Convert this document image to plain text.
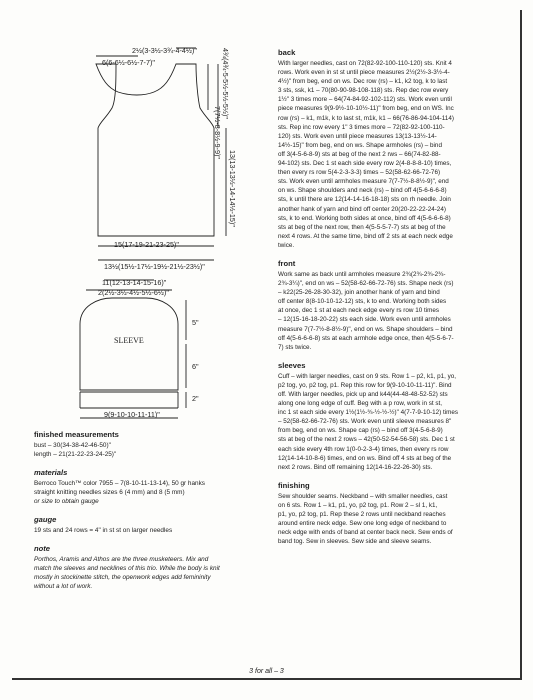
6(6-6½-6½-7-7)"
2½(3-3½-3¾-4-4½)"	4¾(4¾-5-5½-5½-5½)"
7(7½-8-8½-9-9)"
13(13-13½-14-14½-15)"
15(17-19-21-23-25)"
13½(15½-17½-19½-21½-23½)"
11(12-13-14-15-16)"
2(2½-3½-4½-5½-6½)"
SLEEVE
5"
6"
2"
9(9-10-10-11-11)"
finished measurements

bust – 30(34-38-42-46-50)"

length – 21(21-22-23-24-25)"

materials

Berroco Touch™ color 7955 – 7(8-10-11-13-14), 50 gr hanks

straight knitting needles sizes 6 (4 mm) and 8 (5 mm)

or size to obtain gauge

gauge

19 sts and 24 rows = 4" in st st on larger needles

note

Porthos, Aramis and Athos are the three musketeers. Mix and

match the sleeves and necklines of this trio. While the body is knit

mostly in stockinette stitch, the openwork edges add femininity

without a lot of work.

back

With larger needles, cast on 72(82-92-100-110-120) sts. Knit 4

rows. Work even in st st until piece measures 2½(2½-3-3½-4-

4½)" from beg, end on ws. Dec row (rs) – k1, k2 tog, k to last

3 sts, ssk, k1 – 70(80-90-98-108-118) sts. Rep dec row every

1½" 3 times more – 64(74-84-92-102-112) sts. Work even until

piece measures 9(9-9½-10-10½-11)" from beg, end on WS. Inc

row (rs) – k1, m1k, k to last st, m1k, k1 – 66(76-86-94-104-114)

sts. Rep inc row every 1" 3 times more – 72(82-92-100-110-

120) sts. Work even until piece measures 13(13-13½-14-

14½-15)" from beg, end on ws. Shape armholes (rs) – bind

off 3(4-5-6-8-9) sts at beg of the next 2 rws – 66(74-82-88-

94-102) sts. Dec 1 st each side every row 2(4-8-8-8-10) times,

then every rs row 5(4-2-3-3-3) times – 52(58-62-66-72-76)

sts. Work even until armholes measure 7(7-7½-8-8½-9)", end

on ws. Shape shoulders and neck (rs) – bind off 4(5-6-6-6-8)

sts, k until there are 12(14-14-16-18-18) sts on rh needle. Join

another hank of yarn and bind off center 20(20-22-22-24-24)

sts, k to end. Working both sides at once, bind off 4(5-6-6-6-8)

sts at beg of the next row, then 4(5-5-5-7-7) sts at beg of the

next 4 rows. At the same time, bind off 2 sts at each neck edge

twice.

front

Work same as back until armholes measure 2¾(2¾-2¾-2¾-

2¾-3¼)", end on ws – 52(58-62-66-72-76) sts. Shape neck (rs)

– k22(25-26-28-30-32), join another hank of yarn and bind

off center 8(8-10-10-12-12) sts, k to end. Working both sides

at once, dec 1 st at each neck edge every rs row 10 times

– 12(15-16-18-20-22) sts each side. Work even until armholes

measure 7(7-7½-8-8½-9)", end on ws. Shape shoulders – bind

off 4(5-6-6-6-8) sts at each armhole edge once, then 4(5-5-6-7-

7) sts twice.

sleeves

Cuff – with larger needles, cast on 9 sts. Row 1 – p2, k1, p1, yo,

p2 tog, yo, p2 tog, p1. Rep this row for 9(9-10-10-11-11)". Bind

off. With larger needles, pick up and k44(44-48-48-52-52) sts

along one long edge of cuff. Beg with a p row, work in st st,

inc 1 st each side every 1½(1½-¾-½-½-½)" 4(7-7-9-10-12) times

– 52(58-62-66-72-76) sts. Work even until sleeve measures 8"

from beg, end on ws. Shape cap (rs) – bind off 3(4-5-6-8-9)

sts at beg of the next 2 rows – 42(50-52-54-56-58) sts. Dec 1 st

each side every 4th row 1(0-0-2-3-4) times, then every rs row

12(14-14-10-8-6) times, end on ws. Bind off 4 sts at beg of the

next 2 rows. Bind off remaining 12(14-16-22-26-30) sts.

finishing

Sew shoulder seams. Neckband – with smaller needles, cast

on 6 sts. Row 1 – k1, p1, yo, p2 tog, p1. Row 2 – sl 1, k1,

p1, yo, p2 tog, p1. Rep these 2 rows until neckband reaches

around entire neck edge. Sew one long edge of neckband to

neck edge with ends of band at center back neck. Sew ends of

band tog. Sew in sleeves. Sew side and sleeve seams.

3 for all – 3
